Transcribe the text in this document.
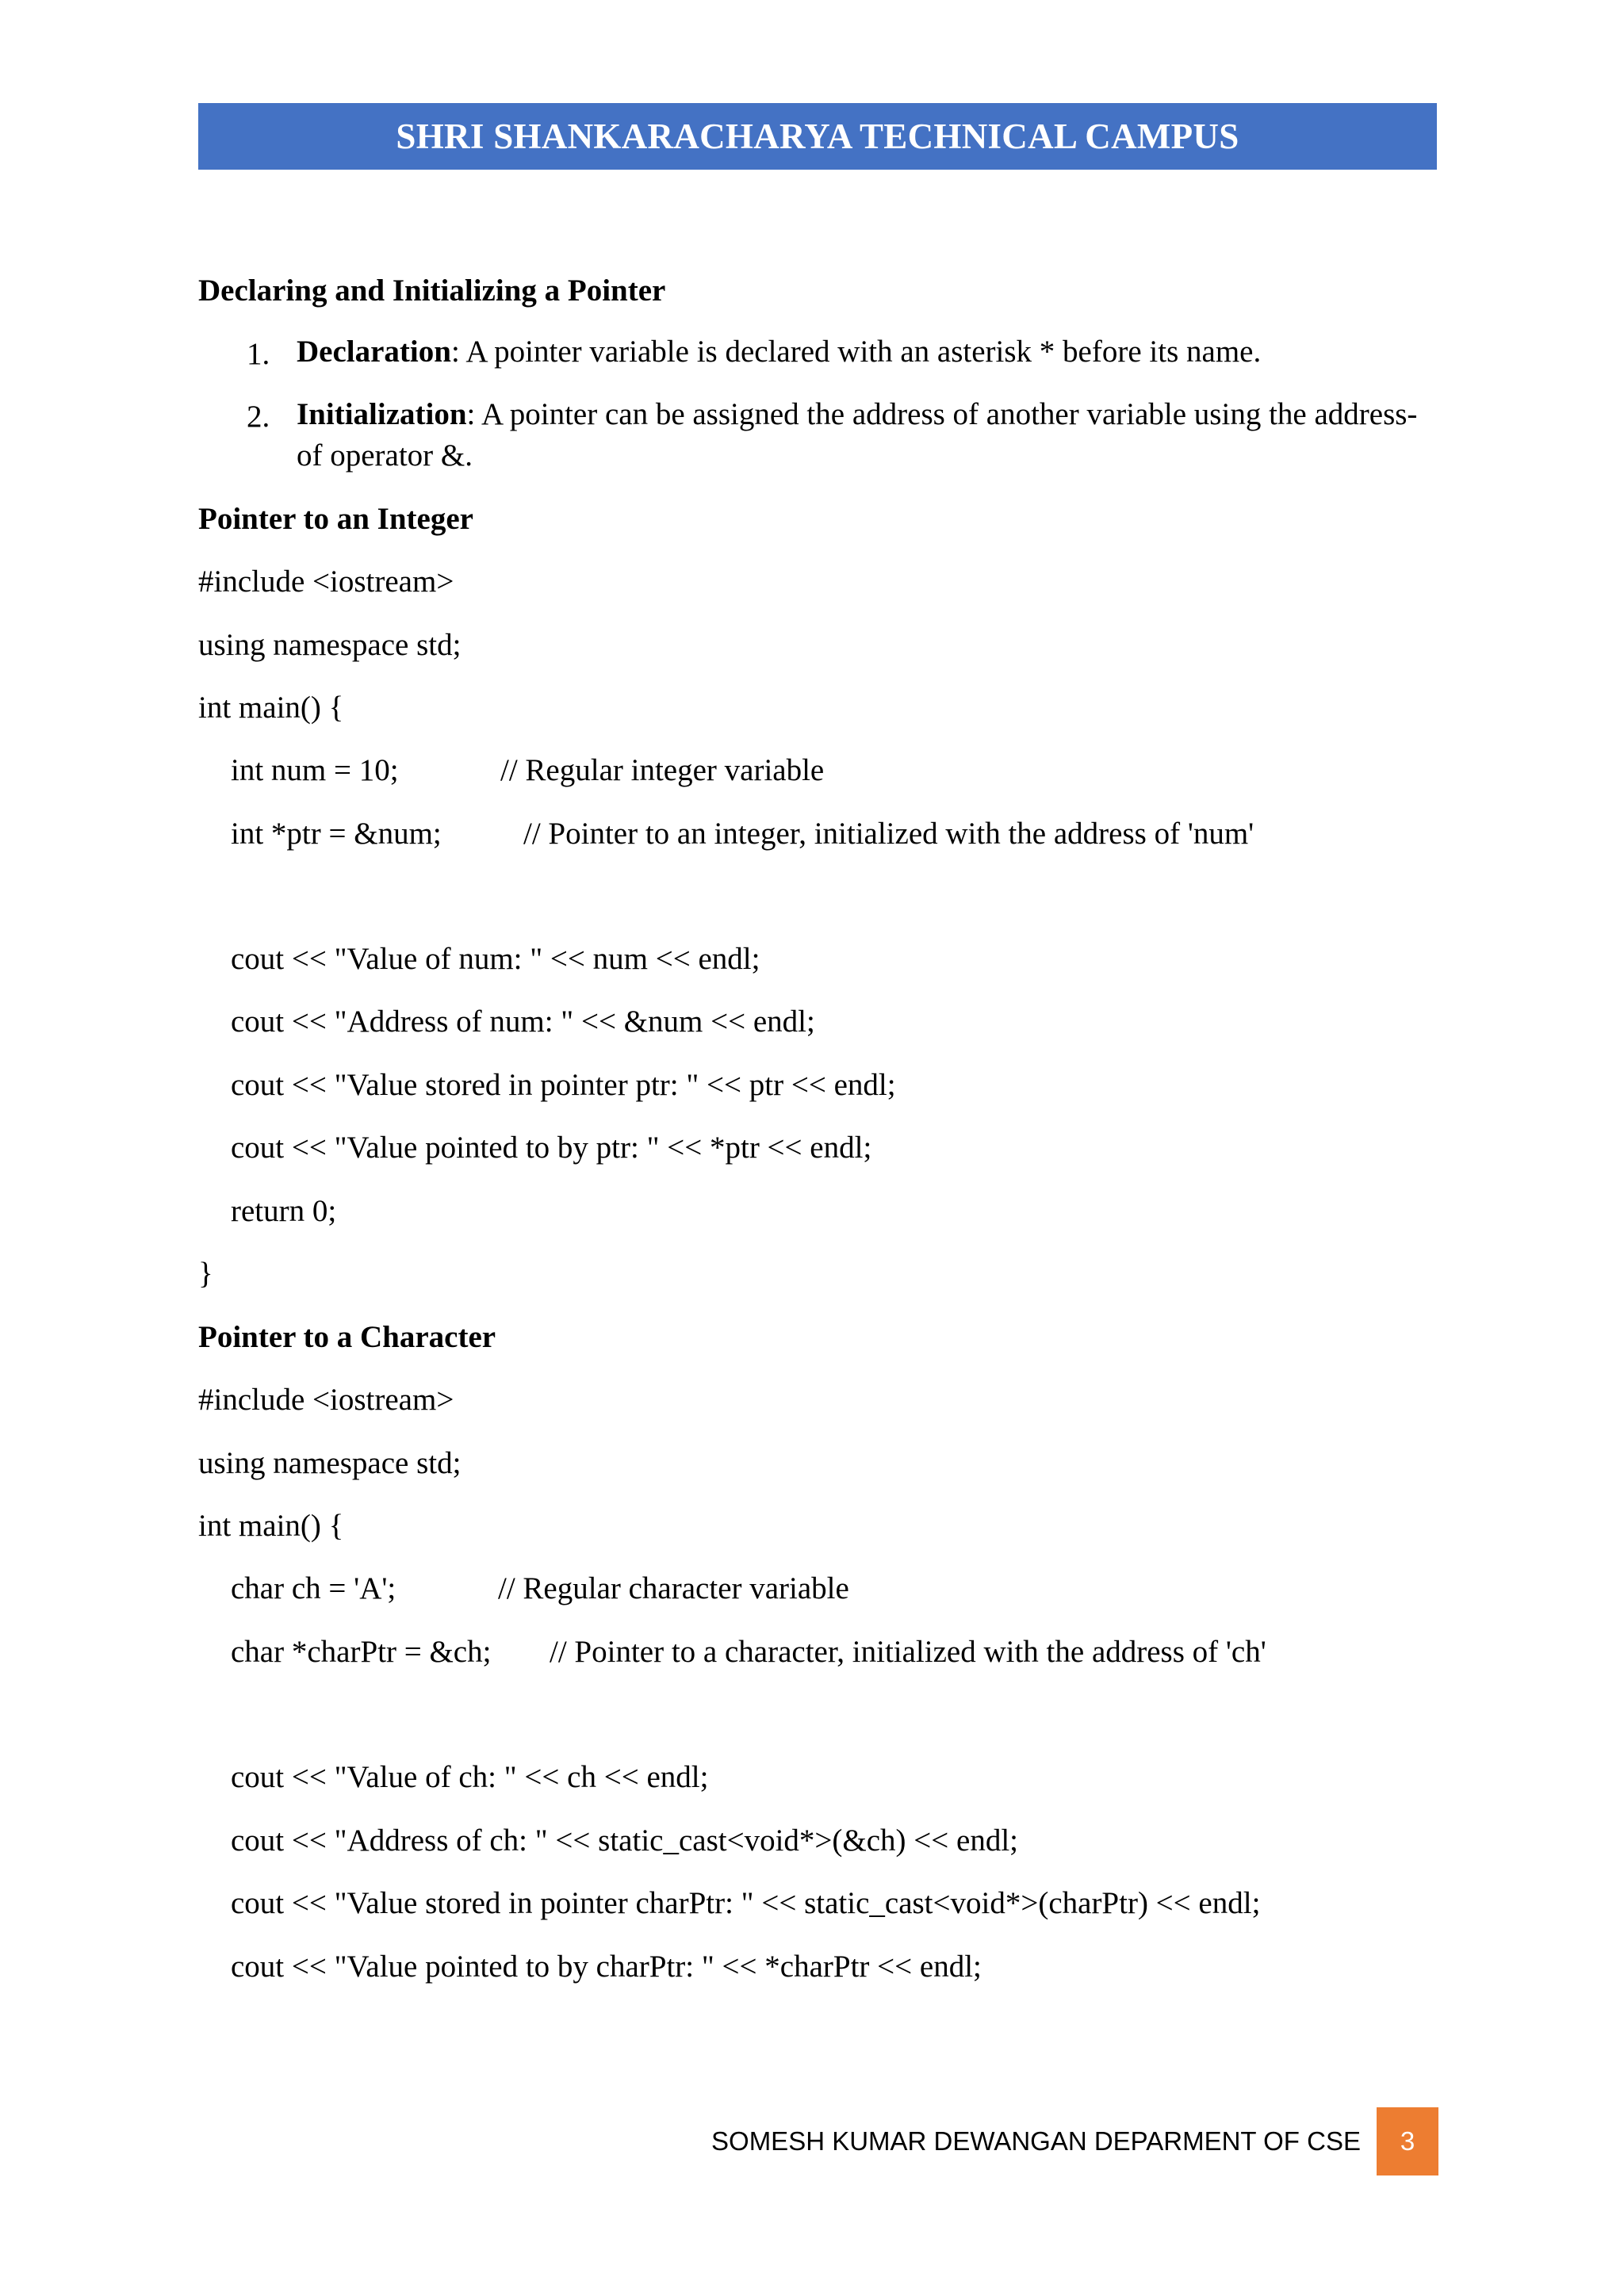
SHRI SHANKARACHARYA TECHNICAL CAMPUS
Declaring and Initializing a Pointer
1. Declaration: A pointer variable is declared with an asterisk * before its name.
2. Initialization: A pointer can be assigned the address of another variable using the address-of operator &.
Pointer to an Integer
#include <iostream>
using namespace std;
int main() {
int num = 10;	// Regular integer variable
int *ptr = &num;	// Pointer to an integer, initialized with the address of 'num'
cout << "Value of num: " << num << endl;
cout << "Address of num: " << &num << endl;
cout << "Value stored in pointer ptr: " << ptr << endl;
cout << "Value pointed to by ptr: " << *ptr << endl;
return 0;
}
Pointer to a Character
#include <iostream>
using namespace std;
int main() {
char ch = 'A';	// Regular character variable
char *charPtr = &ch; // Pointer to a character, initialized with the address of 'ch'
cout << "Value of ch: " << ch << endl;
cout << "Address of ch: " << static_cast<void*>(&ch) << endl;
cout << "Value stored in pointer charPtr: " << static_cast<void*>(charPtr) << endl;
cout << "Value pointed to by charPtr: " << *charPtr << endl;
SOMESH KUMAR DEWANGAN DEPARMENT OF CSE 3
